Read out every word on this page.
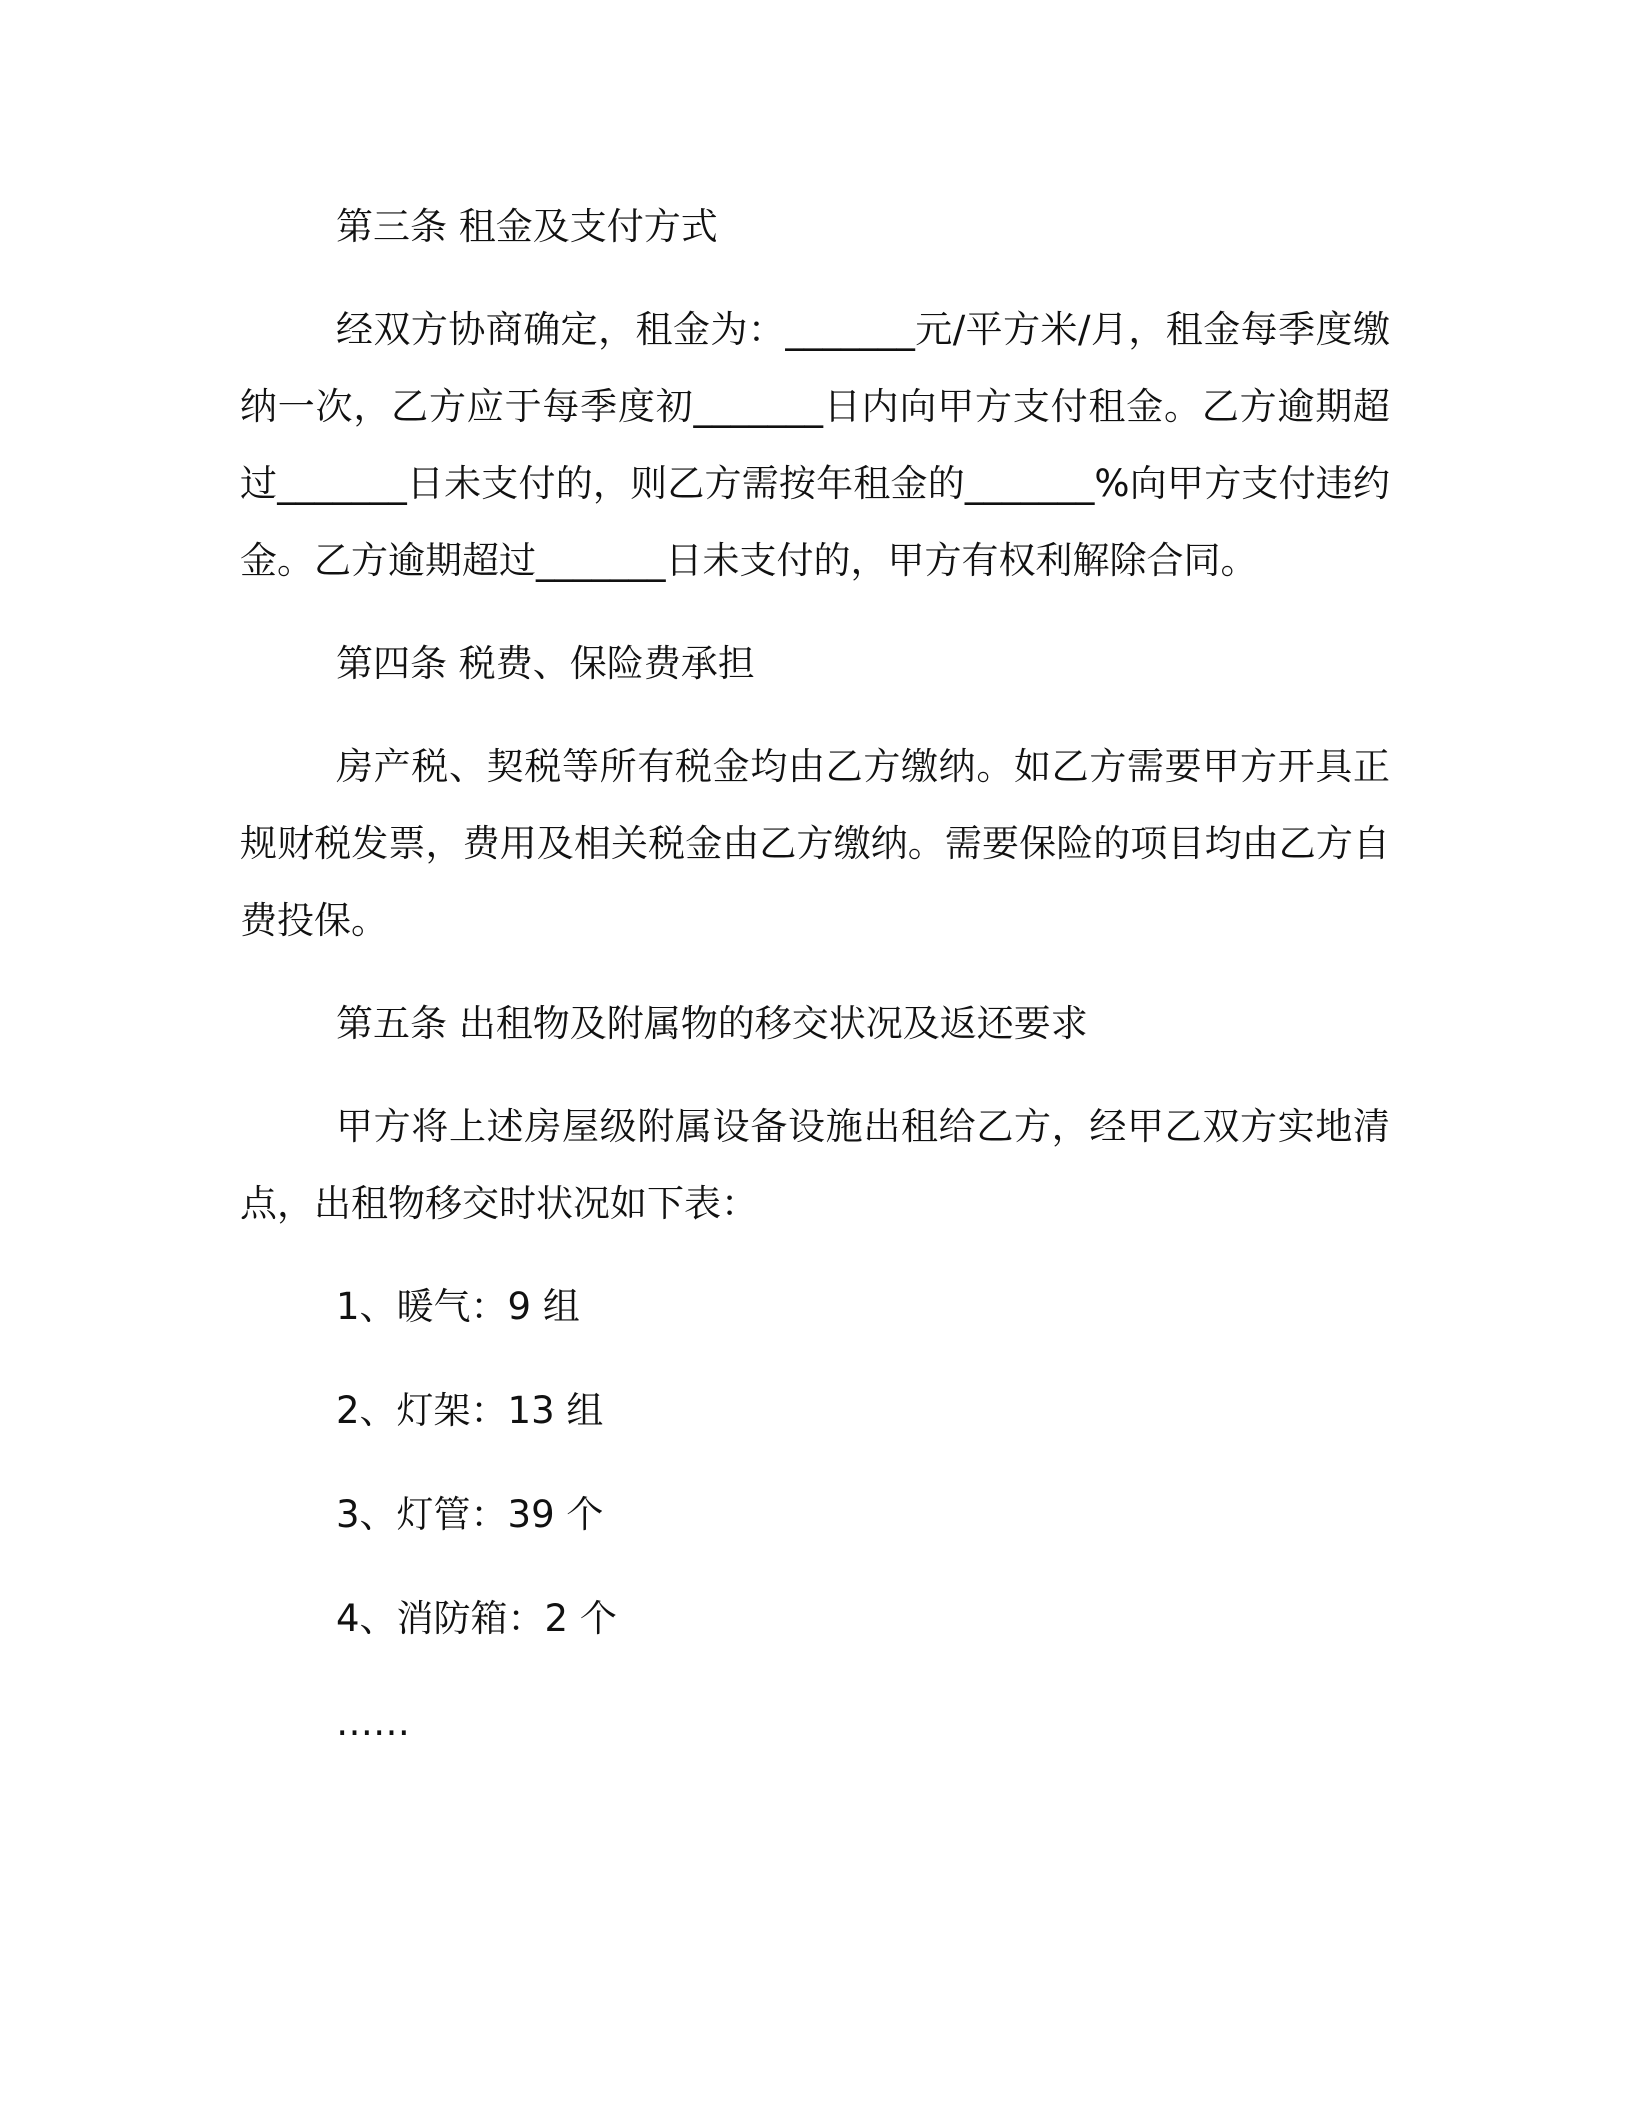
第三条 租金及支付方式

经双方协商确定，租金为：_______元/平方米/月，租金每季度缴纳一次，乙方应于每季度初_______日内向甲方支付租金。乙方逾期超过_______日未支付的，则乙方需按年租金的_______%向甲方支付违约金。乙方逾期超过_______日未支付的，甲方有权利解除合同。

第四条 税费、保险费承担

房产税、契税等所有税金均由乙方缴纳。如乙方需要甲方开具正规财税发票，费用及相关税金由乙方缴纳。需要保险的项目均由乙方自费投保。

第五条 出租物及附属物的移交状况及返还要求

甲方将上述房屋级附属设备设施出租给乙方，经甲乙双方实地清点，出租物移交时状况如下表：

1、暖气：9 组
2、灯架：13 组
3、灯管：39 个
4、消防箱：2 个
……
